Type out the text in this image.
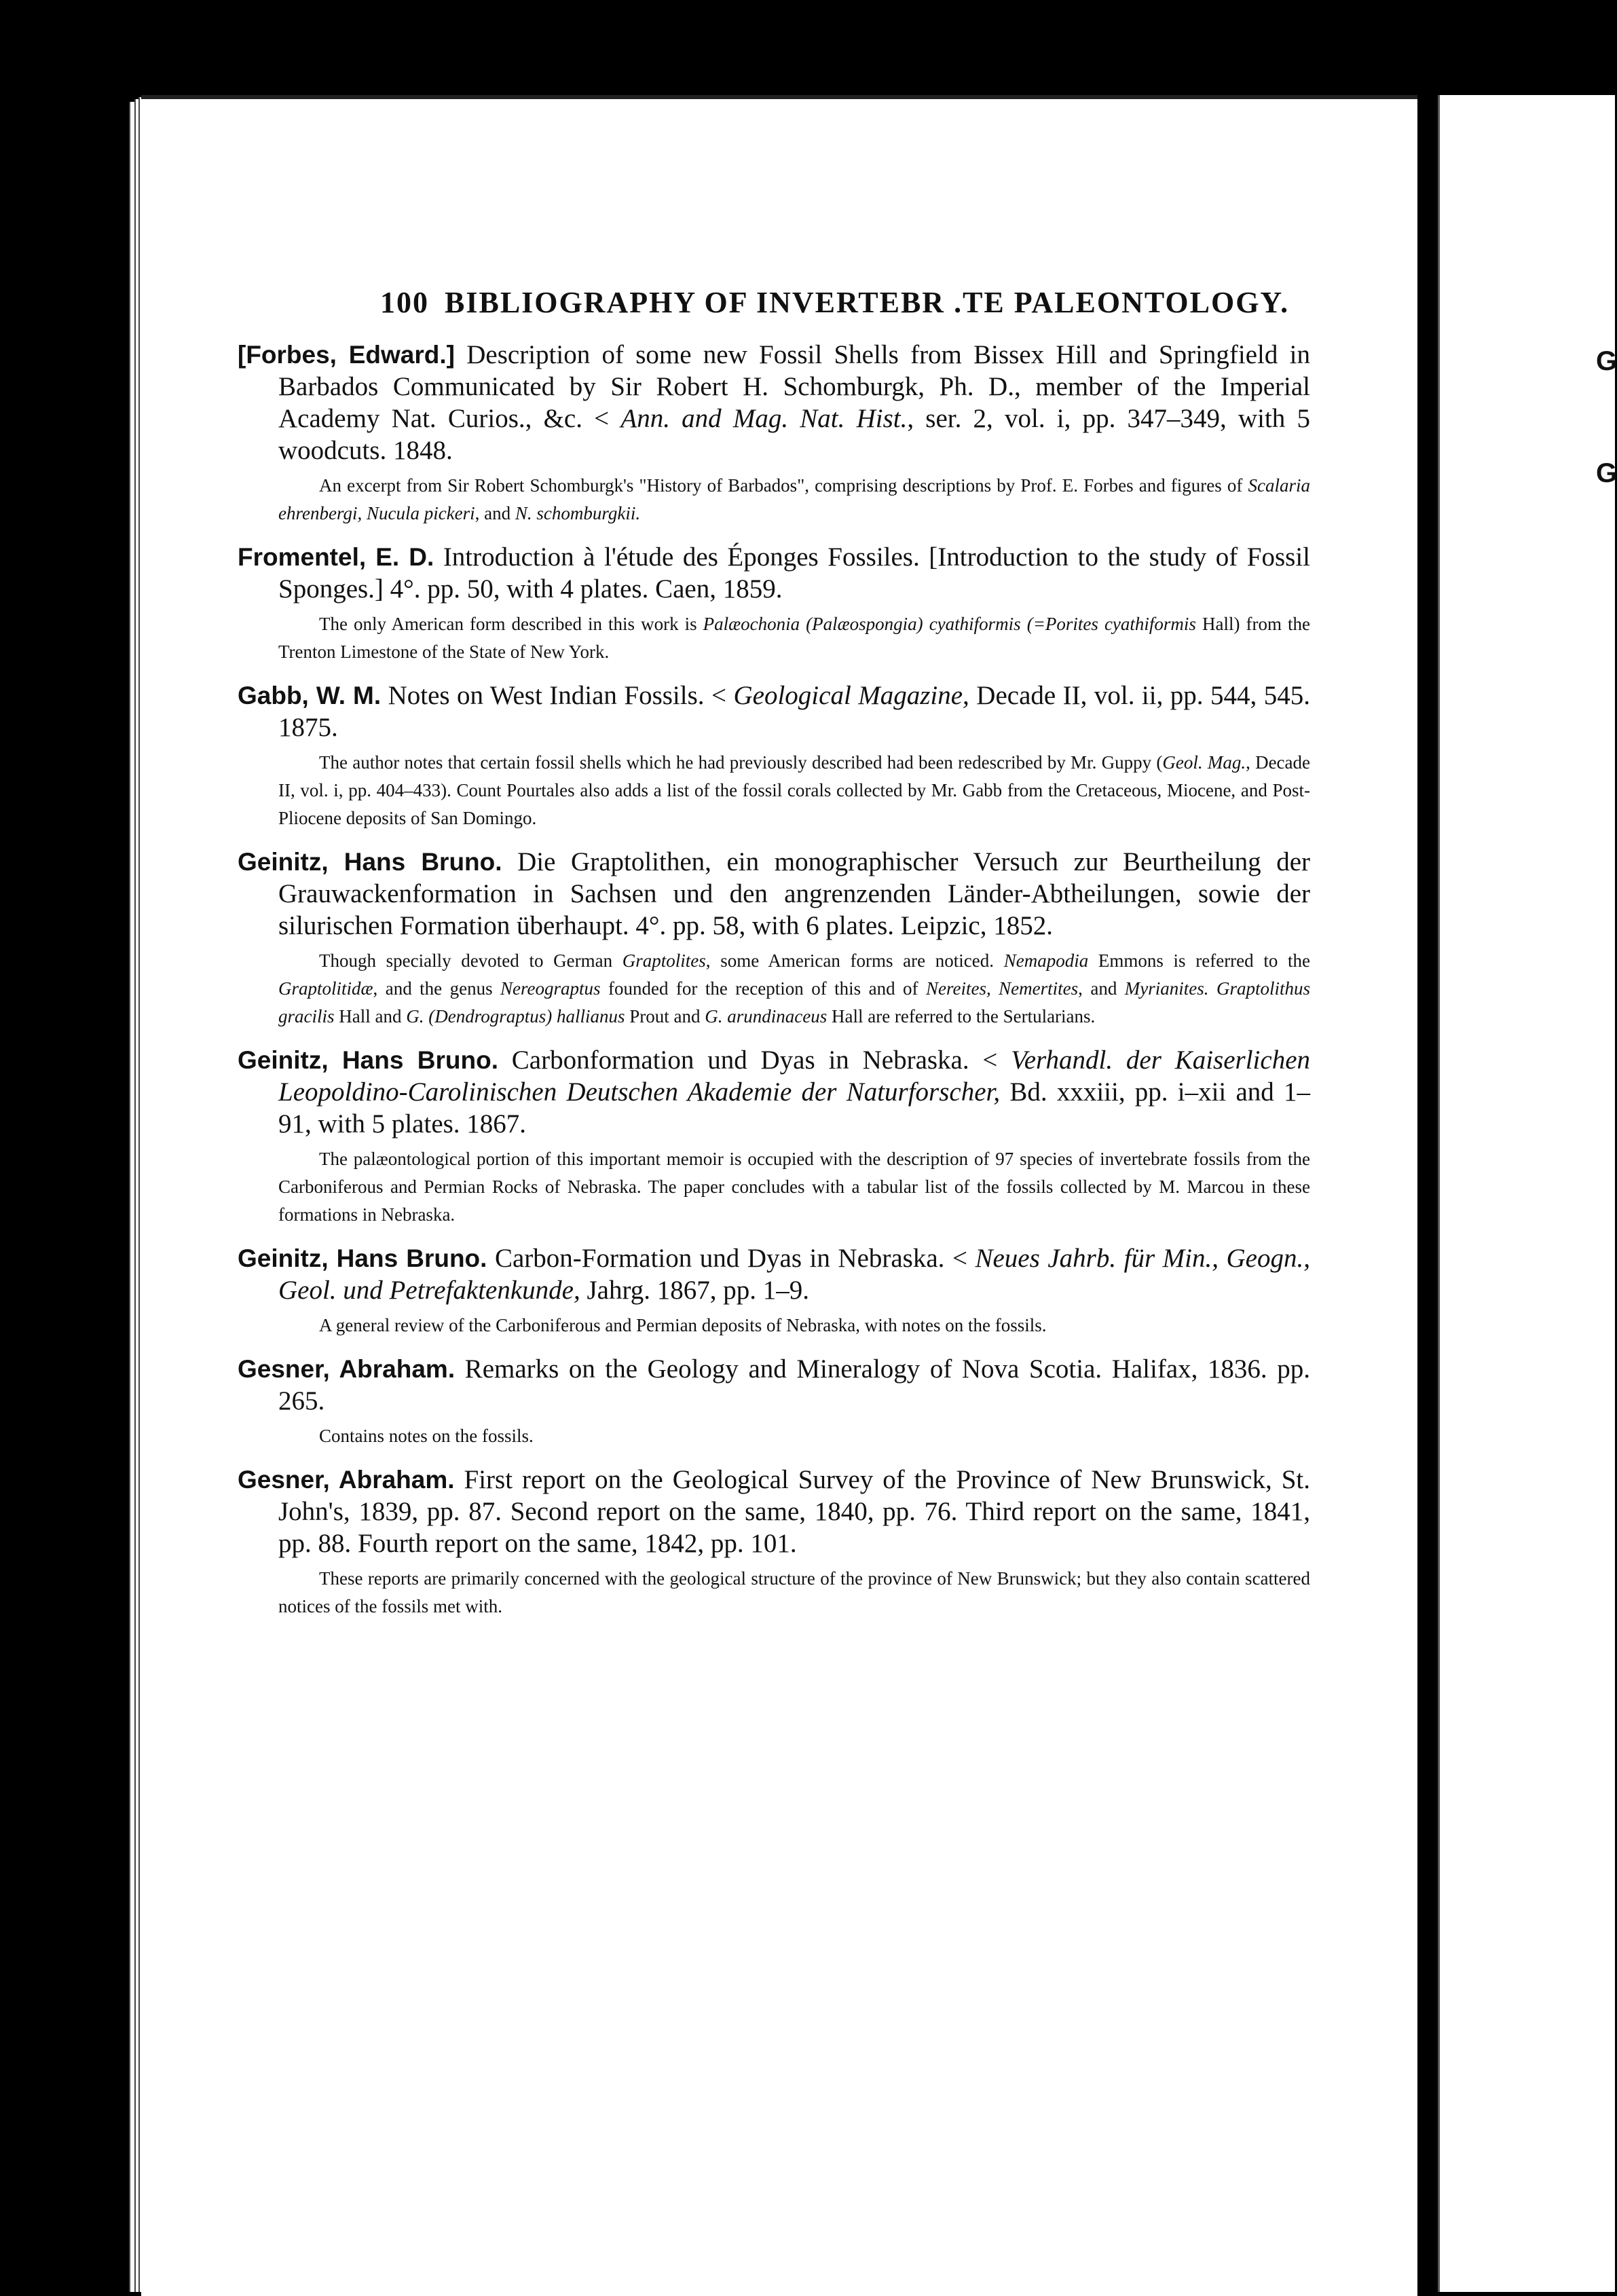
G
G
100 BIBLIOGRAPHY OF INVERTEBR .TE PALEONTOLOGY.

[Forbes, Edward.] Description of some new Fossil Shells from Bissex Hill and Springfield in Barbados Communicated by Sir Robert H. Schomburgk, Ph. D., member of the Imperial Academy Nat. Curios., &c. < Ann. and Mag. Nat. Hist., ser. 2, vol. i, pp. 347–349, with 5 woodcuts. 1848.

An excerpt from Sir Robert Schomburgk's "History of Barbados", comprising descriptions by Prof. E. Forbes and figures of Scalaria ehrenbergi, Nucula pickeri, and N. schomburgkii.

Fromentel, E. D. Introduction à l'étude des Éponges Fossiles. [Introduction to the study of Fossil Sponges.] 4°. pp. 50, with 4 plates. Caen, 1859.

The only American form described in this work is Palæochonia (Palæospongia) cyathiformis (=Porites cyathiformis Hall) from the Trenton Limestone of the State of New York.

Gabb, W. M. Notes on West Indian Fossils. < Geological Magazine, Decade II, vol. ii, pp. 544, 545. 1875.

The author notes that certain fossil shells which he had previously described had been redescribed by Mr. Guppy (Geol. Mag., Decade II, vol. i, pp. 404–433). Count Pourtales also adds a list of the fossil corals collected by Mr. Gabb from the Cretaceous, Miocene, and Post-Pliocene deposits of San Domingo.

Geinitz, Hans Bruno. Die Graptolithen, ein monographischer Versuch zur Beurtheilung der Grauwackenformation in Sachsen und den angrenzenden Länder-Abtheilungen, sowie der silurischen Formation überhaupt. 4°. pp. 58, with 6 plates. Leipzic, 1852.

Though specially devoted to German Graptolites, some American forms are noticed. Nemapodia Emmons is referred to the Graptolitidæ, and the genus Nereograptus founded for the reception of this and of Nereites, Nemertites, and Myrianites. Graptolithus gracilis Hall and G. (Dendrograptus) hallianus Prout and G. arundinaceus Hall are referred to the Sertularians.

Geinitz, Hans Bruno. Carbonformation und Dyas in Nebraska. < Verhandl. der Kaiserlichen Leopoldino-Carolinischen Deutschen Akademie der Naturforscher, Bd. xxxiii, pp. i–xii and 1–91, with 5 plates. 1867.

The palæontological portion of this important memoir is occupied with the description of 97 species of invertebrate fossils from the Carboniferous and Permian Rocks of Nebraska. The paper concludes with a tabular list of the fossils collected by M. Marcou in these formations in Nebraska.

Geinitz, Hans Bruno. Carbon-Formation und Dyas in Nebraska. < Neues Jahrb. für Min., Geogn., Geol. und Petrefaktenkunde, Jahrg. 1867, pp. 1–9.

A general review of the Carboniferous and Permian deposits of Nebraska, with notes on the fossils.

Gesner, Abraham. Remarks on the Geology and Mineralogy of Nova Scotia. Halifax, 1836. pp. 265.

Contains notes on the fossils.

Gesner, Abraham. First report on the Geological Survey of the Province of New Brunswick, St. John's, 1839, pp. 87. Second report on the same, 1840, pp. 76. Third report on the same, 1841, pp. 88. Fourth report on the same, 1842, pp. 101.

These reports are primarily concerned with the geological structure of the province of New Brunswick; but they also contain scattered notices of the fossils met with.
